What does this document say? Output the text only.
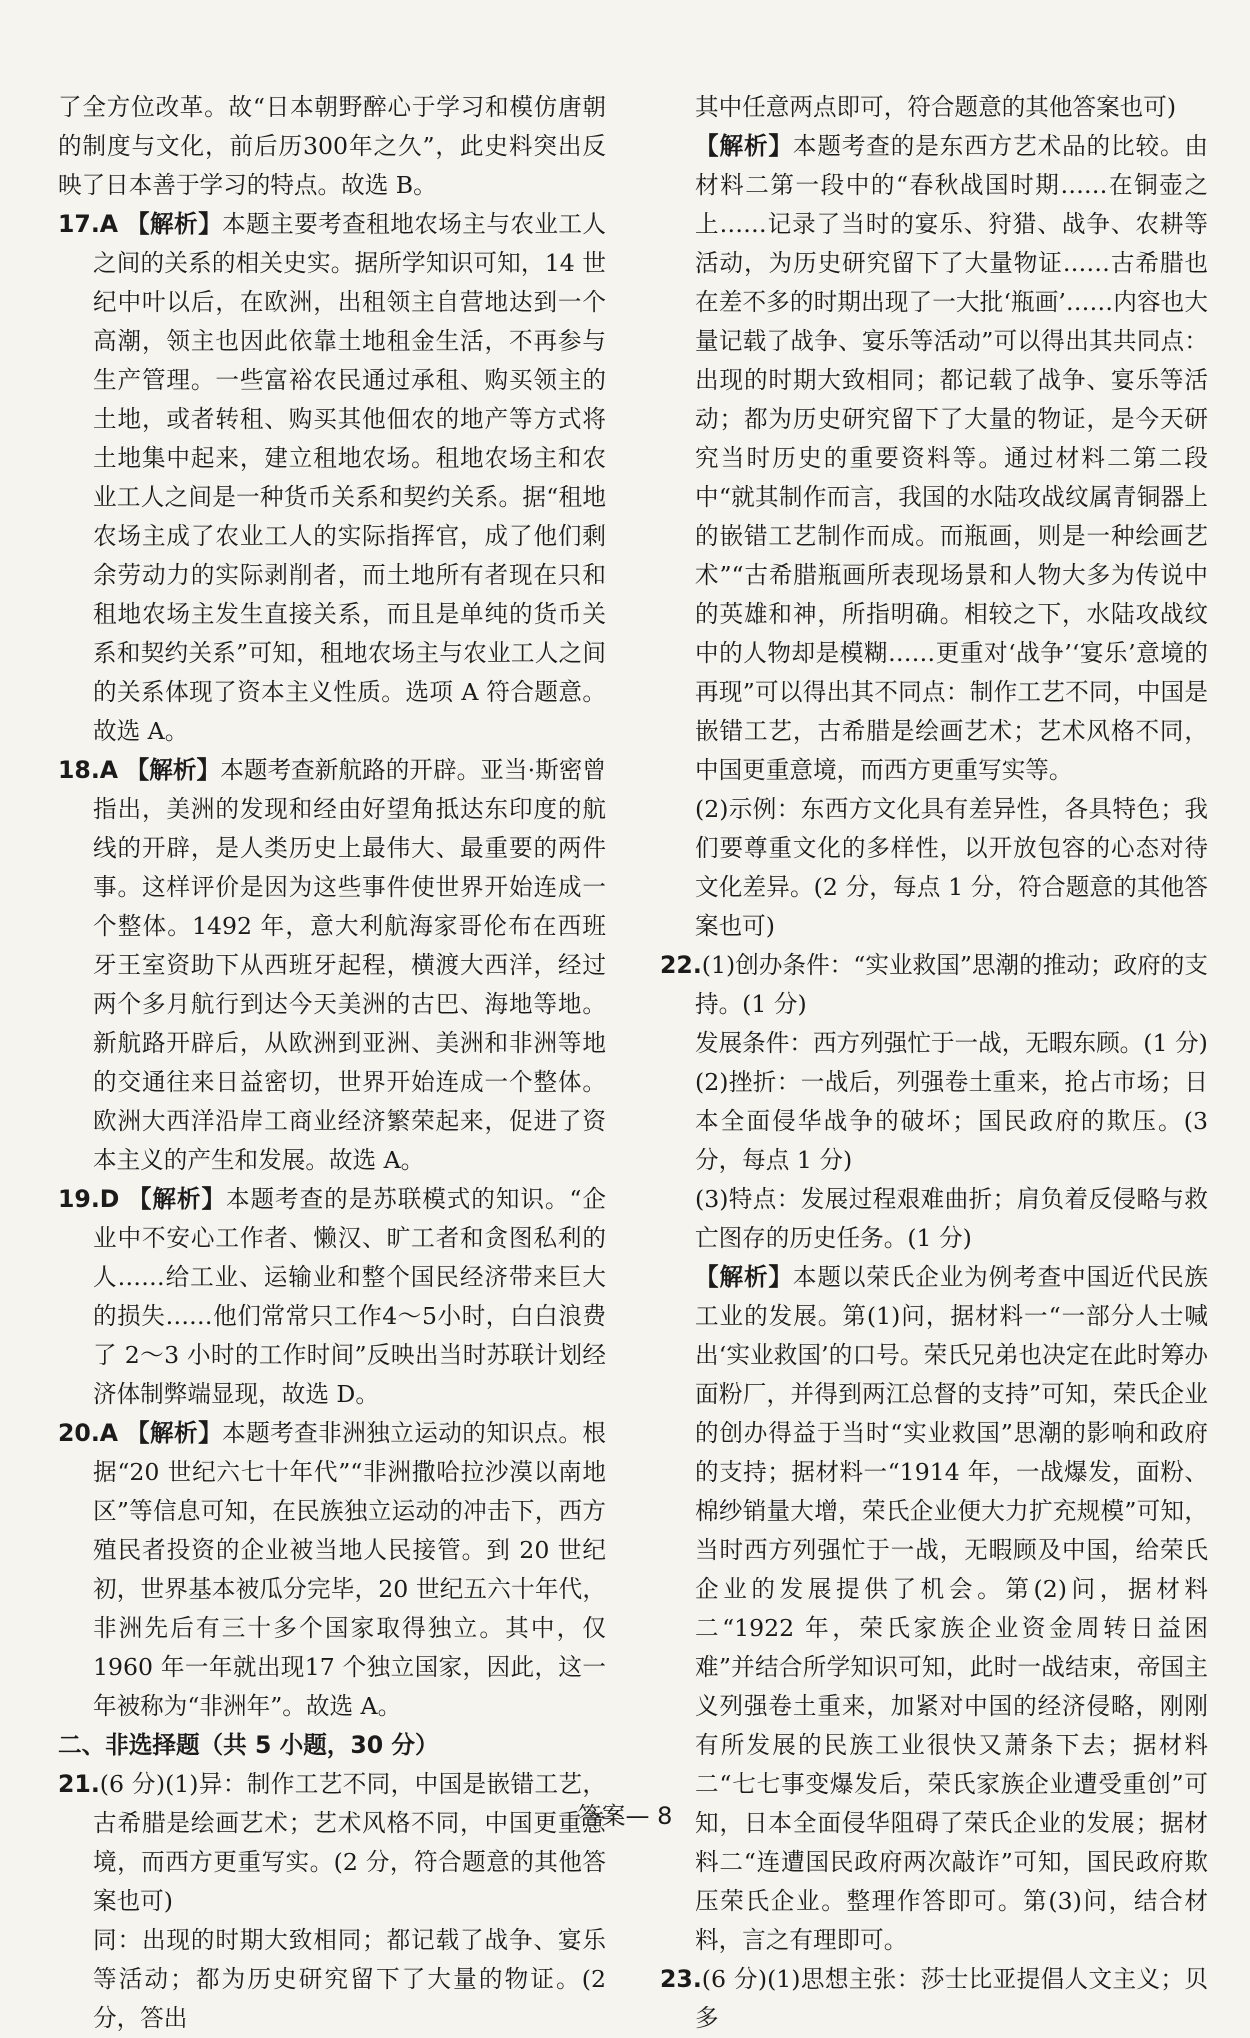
了全方位改革。故“日本朝野醉心于学习和模仿唐朝的制度与文化，前后历300年之久”，此史料突出反映了日本善于学习的特点。故选 B。

17.A 【解析】本题主要考查租地农场主与农业工人之间的关系的相关史实。据所学知识可知，14 世纪中叶以后，在欧洲，出租领主自营地达到一个高潮，领主也因此依靠土地租金生活，不再参与生产管理。一些富裕农民通过承租、购买领主的土地，或者转租、购买其他佃农的地产等方式将土地集中起来，建立租地农场。租地农场主和农业工人之间是一种货币关系和契约关系。据“租地农场主成了农业工人的实际指挥官，成了他们剩余劳动力的实际剥削者，而土地所有者现在只和租地农场主发生直接关系，而且是单纯的货币关系和契约关系”可知，租地农场主与农业工人之间的关系体现了资本主义性质。选项 A 符合题意。故选 A。

18.A 【解析】本题考查新航路的开辟。亚当·斯密曾指出，美洲的发现和经由好望角抵达东印度的航线的开辟，是人类历史上最伟大、最重要的两件事。这样评价是因为这些事件使世界开始连成一个整体。1492 年，意大利航海家哥伦布在西班牙王室资助下从西班牙起程，横渡大西洋，经过两个多月航行到达今天美洲的古巴、海地等地。新航路开辟后，从欧洲到亚洲、美洲和非洲等地的交通往来日益密切，世界开始连成一个整体。欧洲大西洋沿岸工商业经济繁荣起来，促进了资本主义的产生和发展。故选 A。

19.D 【解析】本题考查的是苏联模式的知识。“企业中不安心工作者、懒汉、旷工者和贪图私利的人……给工业、运输业和整个国民经济带来巨大的损失……他们常常只工作4～5小时，白白浪费了 2～3 小时的工作时间”反映出当时苏联计划经济体制弊端显现，故选 D。

20.A 【解析】本题考查非洲独立运动的知识点。根据“20 世纪六七十年代”“非洲撒哈拉沙漠以南地区”等信息可知，在民族独立运动的冲击下，西方殖民者投资的企业被当地人民接管。到 20 世纪初，世界基本被瓜分完毕，20 世纪五六十年代，非洲先后有三十多个国家取得独立。其中，仅 1960 年一年就出现17 个独立国家，因此，这一年被称为“非洲年”。故选 A。

二、非选择题（共 5 小题，30 分）

21.(6 分)(1)异：制作工艺不同，中国是嵌错工艺，古希腊是绘画艺术；艺术风格不同，中国更重意境，而西方更重写实。(2 分，符合题意的其他答案也可)

同：出现的时期大致相同；都记载了战争、宴乐等活动；都为历史研究留下了大量的物证。(2 分，答出

其中任意两点即可，符合题意的其他答案也可)

【解析】本题考查的是东西方艺术品的比较。由材料二第一段中的“春秋战国时期……在铜壶之上……记录了当时的宴乐、狩猎、战争、农耕等活动，为历史研究留下了大量物证……古希腊也在差不多的时期出现了一大批‘瓶画’……内容也大量记载了战争、宴乐等活动”可以得出其共同点：出现的时期大致相同；都记载了战争、宴乐等活动；都为历史研究留下了大量的物证，是今天研究当时历史的重要资料等。通过材料二第二段中“就其制作而言，我国的水陆攻战纹属青铜器上的嵌错工艺制作而成。而瓶画，则是一种绘画艺术”“古希腊瓶画所表现场景和人物大多为传说中的英雄和神，所指明确。相较之下，水陆攻战纹中的人物却是模糊……更重对‘战争’‘宴乐’意境的再现”可以得出其不同点：制作工艺不同，中国是嵌错工艺，古希腊是绘画艺术；艺术风格不同，中国更重意境，而西方更重写实等。

(2)示例：东西方文化具有差异性，各具特色；我们要尊重文化的多样性，以开放包容的心态对待文化差异。(2 分，每点 1 分，符合题意的其他答案也可)

22.(1)创办条件：“实业救国”思潮的推动；政府的支持。(1 分)

发展条件：西方列强忙于一战，无暇东顾。(1 分)

(2)挫折：一战后，列强卷土重来，抢占市场；日本全面侵华战争的破坏；国民政府的欺压。(3 分，每点 1 分)

(3)特点：发展过程艰难曲折；肩负着反侵略与救亡图存的历史任务。(1 分)

【解析】本题以荣氏企业为例考查中国近代民族工业的发展。第(1)问，据材料一“一部分人士喊出‘实业救国’的口号。荣氏兄弟也决定在此时筹办面粉厂，并得到两江总督的支持”可知，荣氏企业的创办得益于当时“实业救国”思潮的影响和政府的支持；据材料一“1914 年，一战爆发，面粉、棉纱销量大增，荣氏企业便大力扩充规模”可知，当时西方列强忙于一战，无暇顾及中国，给荣氏企业的发展提供了机会。第(2)问，据材料二“1922 年，荣氏家族企业资金周转日益困难”并结合所学知识可知，此时一战结束，帝国主义列强卷土重来，加紧对中国的经济侵略，刚刚有所发展的民族工业很快又萧条下去；据材料二“七七事变爆发后，荣氏家族企业遭受重创”可知，日本全面侵华阻碍了荣氏企业的发展；据材料二“连遭国民政府两次敲诈”可知，国民政府欺压荣氏企业。整理作答即可。第(3)问，结合材料，言之有理即可。

23.(6 分)(1)思想主张：莎士比亚提倡人文主义；贝多

答案— 8
